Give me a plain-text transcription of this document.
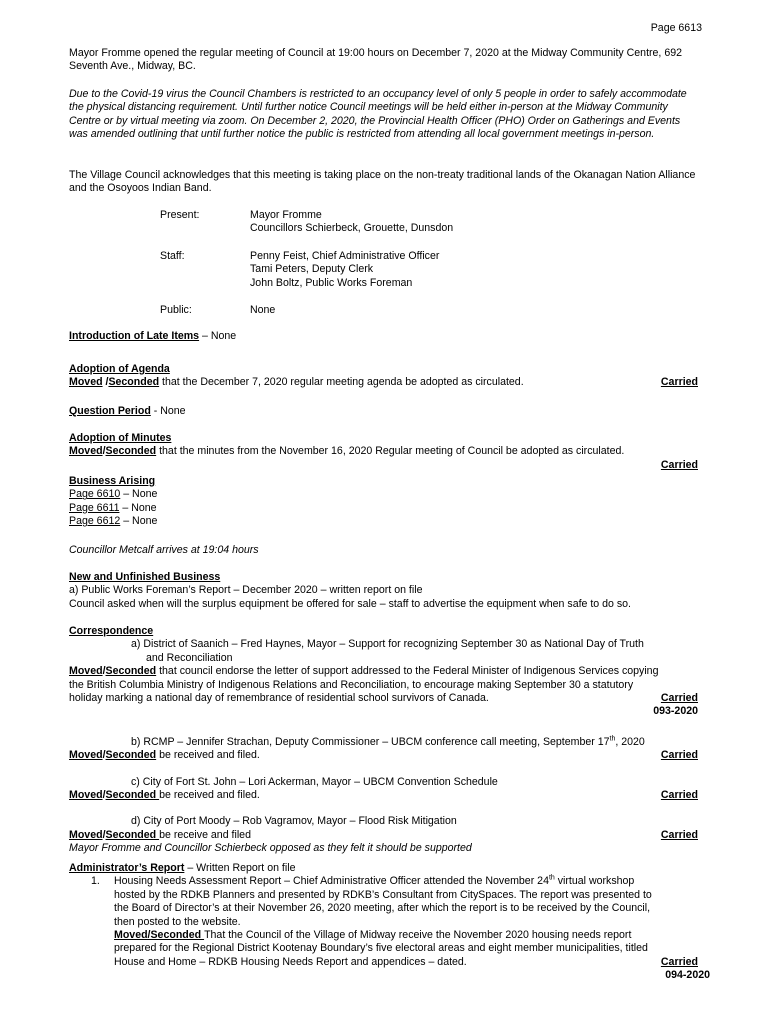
Page 6613
Mayor Fromme opened the regular meeting of Council at 19:00 hours on December 7, 2020 at the Midway Community Centre, 692 Seventh Ave., Midway, BC.
Due to the Covid-19 virus the Council Chambers is restricted to an occupancy level of only 5 people in order to safely accommodate the physical distancing requirement. Until further notice Council meetings will be held either in-person at the Midway Community Centre or by virtual meeting via zoom. On December 2, 2020, the Provincial Health Officer (PHO) Order on Gatherings and Events was amended outlining that until further notice the public is restricted from attending all local government meetings in-person.
The Village Council acknowledges that this meeting is taking place on the non-treaty traditional lands of the Okanagan Nation Alliance and the Osoyoos Indian Band.
Present:	Mayor Fromme
Councillors Schierbeck, Grouette, Dunsdon
Staff:	Penny Feist, Chief Administrative Officer
Tami Peters, Deputy Clerk
John Boltz, Public Works Foreman
Public:	None
Introduction of Late Items – None
Adoption of Agenda
Moved /Seconded that the December 7, 2020 regular meeting agenda be adopted as circulated.	Carried
Question Period - None
Adoption of Minutes
Moved/Seconded that the minutes from the November 16, 2020 Regular meeting of Council be adopted as circulated.
Carried
Business Arising
Page 6610 – None
Page 6611 – None
Page 6612 – None
Councillor Metcalf arrives at 19:04 hours
New and Unfinished Business
a) Public Works Foreman’s Report – December 2020 – written report on file
Council asked when will the surplus equipment be offered for sale – staff to advertise the equipment when safe to do so.
Correspondence
a) District of Saanich – Fred Haynes, Mayor – Support for recognizing September 30 as National Day of Truth
and Reconciliation
Moved/Seconded that council endorse the letter of support addressed to the Federal Minister of Indigenous Services copying
the British Columbia Ministry of Indigenous Relations and Reconciliation, to encourage making September 30 a statutory
holiday marking a national day of remembrance of residential school survivors of Canada.	Carried
093-2020
b) RCMP – Jennifer Strachan, Deputy Commissioner – UBCM conference call meeting, September 17th, 2020
Moved/Seconded be received and filed.	Carried
c) City of Fort St. John – Lori Ackerman, Mayor – UBCM Convention Schedule
Moved/Seconded be received and filed.	Carried
d) City of Port Moody – Rob Vagramov, Mayor – Flood Risk Mitigation
Moved/Seconded be receive and filed	Carried
Mayor Fromme and Councillor Schierbeck opposed as they felt it should be supported
Administrator’s Report – Written Report on file
1. Housing Needs Assessment Report – Chief Administrative Officer attended the November 24th virtual workshop
hosted by the RDKB Planners and presented by RDKB’s Consultant from CitySpaces. The report was presented to
the Board of Director’s at their November 26, 2020 meeting, after which the report is to be received by the Council,
then posted to the website.
Moved/Seconded That the Council of the Village of Midway receive the November 2020 housing needs report
prepared for the Regional District Kootenay Boundary’s five electoral areas and eight member municipalities, titled
House and Home – RDKB Housing Needs Report and appendices – dated.	Carried
094-2020
